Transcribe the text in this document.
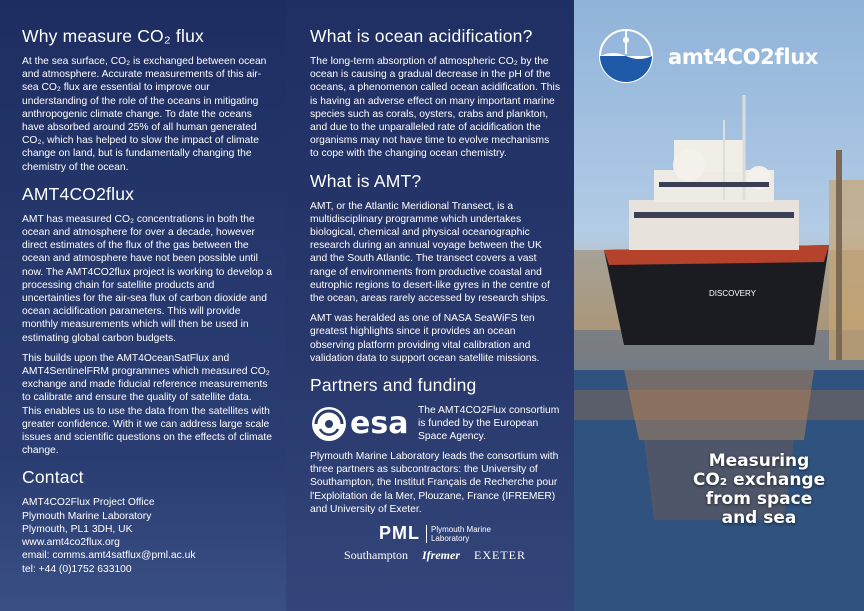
Why measure CO₂ flux

At the sea surface, CO₂ is exchanged between ocean and atmosphere. Accurate measurements of this air-sea CO₂ flux are essential to improve our understanding of the role of the oceans in mitigating anthropogenic climate change. To date the oceans have absorbed around 25% of all human generated CO₂, which has helped to slow the impact of climate change on land, but is fundamentally changing the chemistry of the ocean.

AMT4CO2flux

AMT has measured CO₂ concentrations in both the ocean and atmosphere for over a decade, however direct estimates of the flux of the gas between the ocean and atmosphere have not been possible until now. The AMT4CO2flux project is working to develop a processing chain for satellite products and uncertainties for the air-sea flux of carbon dioxide and ocean acidification parameters. This will provide monthly measurements which will then be used in estimating global carbon budgets.

This builds upon the AMT4OceanSatFlux and AMT4SentinelFRM programmes which measured CO₂ exchange and made fiducial reference measurements to calibrate and ensure the quality of satellite data. This enables us to use the data from the satellites with greater confidence. With it we can address large scale issues and scientific questions on the effects of climate change.

Contact
AMT4CO2Flux Project Office
Plymouth Marine Laboratory
Plymouth, PL1 3DH, UK
www.amt4co2flux.org
email: comms.amt4satflux@pml.ac.uk
tel: +44 (0)1752 633100
What is ocean acidification?

The long-term absorption of atmospheric CO₂ by the ocean is causing a gradual decrease in the pH of the oceans, a phenomenon called ocean acidification. This is having an adverse effect on many important marine species such as corals, oysters, crabs and plankton, and due to the unparalleled rate of acidification the organisms may not have time to evolve mechanisms to cope with the changing ocean chemistry.

What is AMT?

AMT, or the Atlantic Meridional Transect, is a multidisciplinary programme which undertakes biological, chemical and physical oceanographic research during an annual voyage between the UK and the South Atlantic. The transect covers a vast range of environments from productive coastal and eutrophic regions to desert-like gyres in the centre of the ocean, areas rarely accessed by research ships.

AMT was heralded as one of NASA SeaWiFS ten greatest highlights since it provides an ocean observing platform providing vital calibration and validation data to support ocean satellite missions.

Partners and funding
esa The AMT4CO2Flux consortium is funded by the European Space Agency.

Plymouth Marine Laboratory leads the consortium with three partners as subcontractors: the University of Southampton, the Institut Français de Recherche pour l'Exploitation de la Mer, Plouzane, France (IFREMER) and University of Exeter.

PML Plymouth Marine
Laboratory
Southampton Ifremer EXETER
DISCOVERY
amt4CO2flux
Measuring
CO₂ exchange
from space
and sea
